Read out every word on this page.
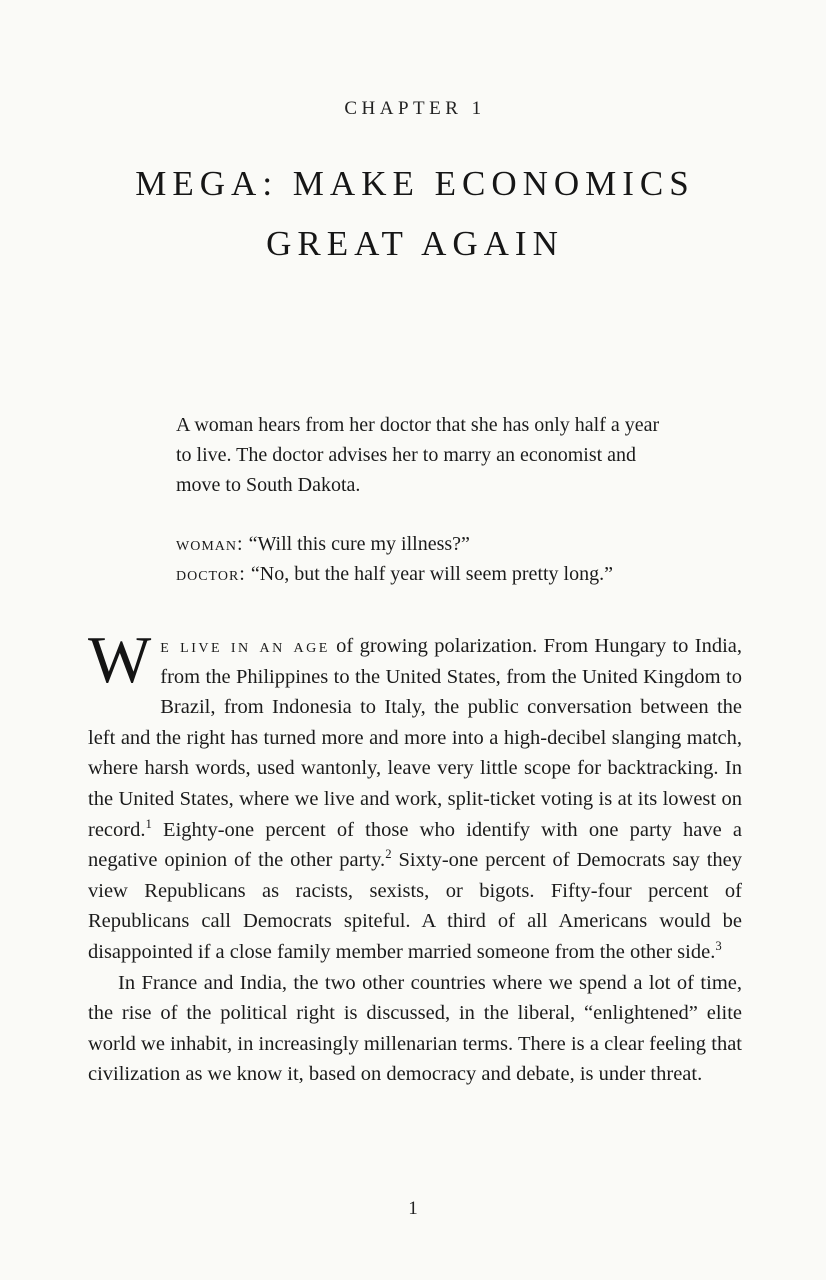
CHAPTER 1
MEGA: MAKE ECONOMICS
GREAT AGAIN

A woman hears from her doctor that she has only half a year to live. The doctor advises her to marry an economist and move to South Dakota.

woman: “Will this cure my illness?”

doctor: “No, but the half year will seem pretty long.”

We live in an age of growing polarization. From Hungary to India, from the Philippines to the United States, from the United Kingdom to Brazil, from Indonesia to Italy, the public conversation between the left and the right has turned more and more into a high-decibel slanging match, where harsh words, used wantonly, leave very little scope for backtracking. In the United States, where we live and work, split-ticket voting is at its lowest on record.$^1$ Eighty-one percent of those who identify with one party have a negative opinion of the other party.$^2$ Sixty-one percent of Democrats say they view Republicans as racists, sexists, or bigots. Fifty-four percent of Republicans call Democrats spiteful. A third of all Americans would be disappointed if a close family member married someone from the other side.$^3$

In France and India, the two other countries where we spend a lot of time, the rise of the political right is discussed, in the liberal, “enlightened” elite world we inhabit, in increasingly millenarian terms. There is a clear feeling that civilization as we know it, based on democracy and debate, is under threat.

1
